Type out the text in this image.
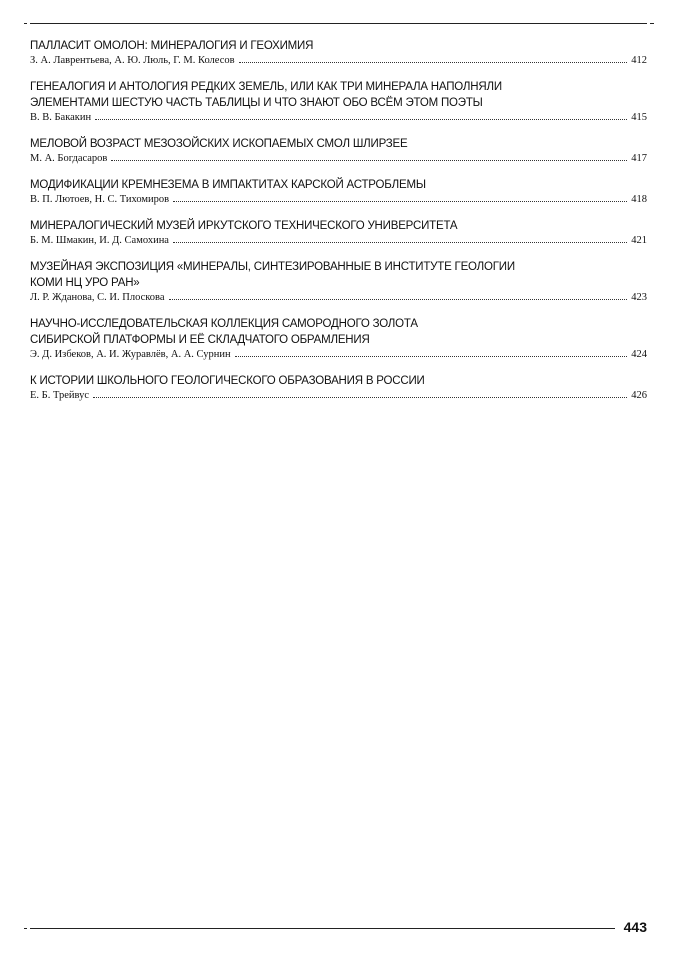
ПАЛЛАСИТ ОМОЛОН: МИНЕРАЛОГИЯ И ГЕОХИМИЯ
З. А. Лаврентьева, А. Ю. Люль, Г. М. Колесов	412
ГЕНЕАЛОГИЯ И АНТОЛОГИЯ РЕДКИХ ЗЕМЕЛЬ, ИЛИ КАК ТРИ МИНЕРАЛА НАПОЛНЯЛИ
ЭЛЕМЕНТАМИ ШЕСТУЮ ЧАСТЬ ТАБЛИЦЫ И ЧТО ЗНАЮТ ОБО ВСЁМ ЭТОМ ПОЭТЫ
В. В. Бакакин	415
МЕЛОВОЙ ВОЗРАСТ МЕЗОЗОЙСКИХ ИСКОПАЕМЫХ СМОЛ ШЛИРЗЕЕ
М. А. Богдасаров	417
МОДИФИКАЦИИ КРЕМНЕЗЕМА В ИМПАКТИТАХ КАРСКОЙ АСТРОБЛЕМЫ
В. П. Лютоев, Н. С. Тихомиров	418
МИНЕРАЛОГИЧЕСКИЙ МУЗЕЙ ИРКУТСКОГО ТЕХНИЧЕСКОГО УНИВЕРСИТЕТА
Б. М. Шмакин, И. Д. Самохина	421
МУЗЕЙНАЯ ЭКСПОЗИЦИЯ «МИНЕРАЛЫ, СИНТЕЗИРОВАННЫЕ В ИНСТИТУТЕ ГЕОЛОГИИ
КОМИ НЦ УРО РАН»
Л. Р. Жданова, С. И. Плоскова	423
НАУЧНО-ИССЛЕДОВАТЕЛЬСКАЯ КОЛЛЕКЦИЯ САМОРОДНОГО ЗОЛОТА
СИБИРСКОЙ ПЛАТФОРМЫ И ЕЁ СКЛАДЧАТОГО ОБРАМЛЕНИЯ
Э. Д. Избеков, А. И. Журавлёв, А. А. Сурнин	424
К ИСТОРИИ ШКОЛЬНОГО ГЕОЛОГИЧЕСКОГО ОБРАЗОВАНИЯ В РОССИИ
Е. Б. Трейвус	426
443
